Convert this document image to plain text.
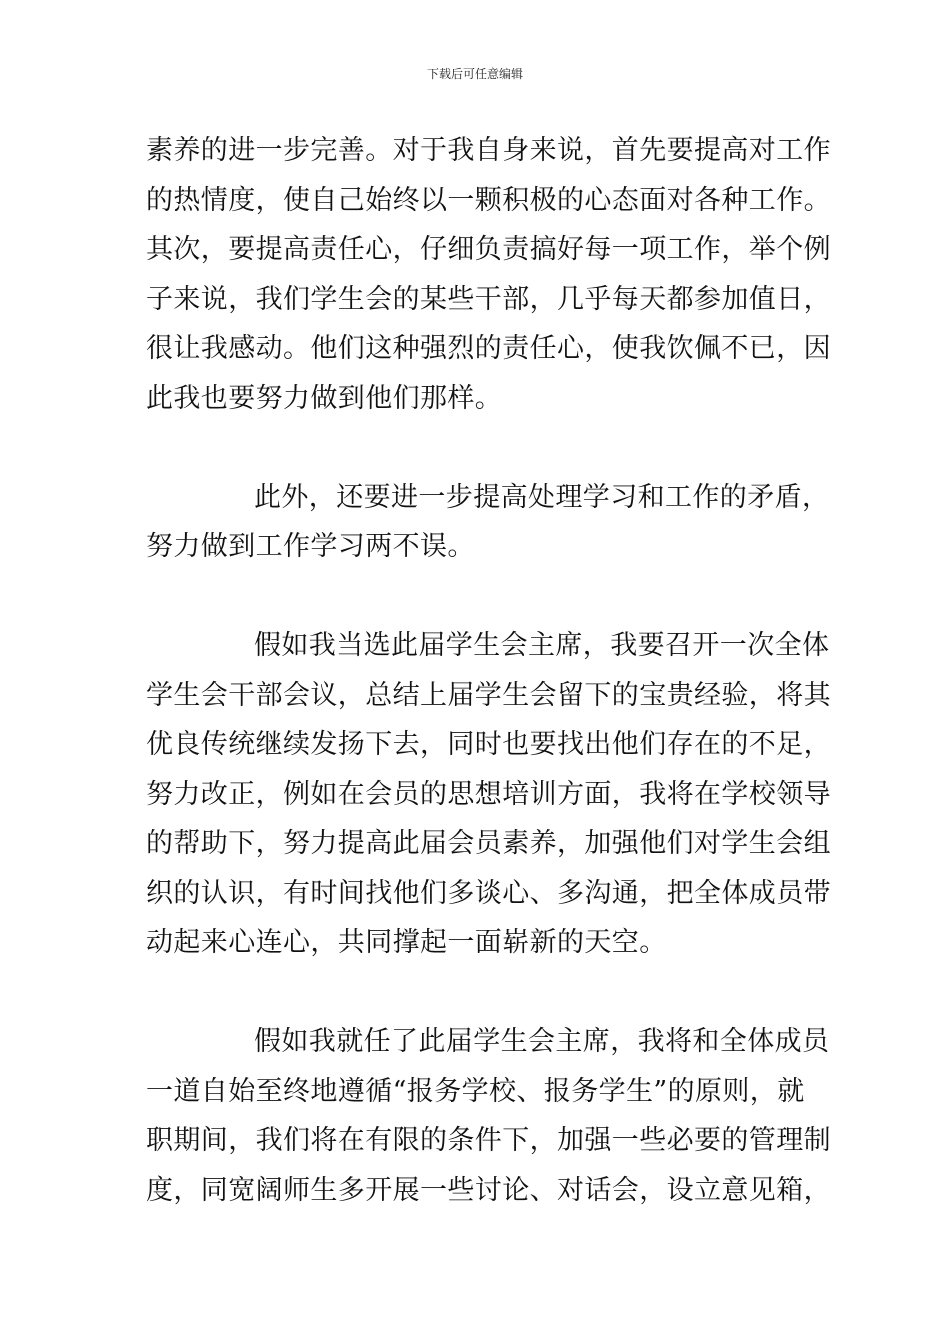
下载后可任意编辑
素养的进一步完善。对于我自身来说，首先要提高对工作
的热情度，使自己始终以一颗积极的心态面对各种工作。
其次，要提高责任心，仔细负责搞好每一项工作，举个例
子来说，我们学生会的某些干部，几乎每天都参加值日，
很让我感动。他们这种强烈的责任心，使我饮佩不已，因
此我也要努力做到他们那样。
此外，还要进一步提高处理学习和工作的矛盾，
努力做到工作学习两不误。
假如我当选此届学生会主席，我要召开一次全体
学生会干部会议，总结上届学生会留下的宝贵经验，将其
优良传统继续发扬下去，同时也要找出他们存在的不足，
努力改正，例如在会员的思想培训方面，我将在学校领导
的帮助下，努力提高此届会员素养，加强他们对学生会组
织的认识，有时间找他们多谈心、多沟通，把全体成员带
动起来心连心，共同撑起一面崭新的天空。
假如我就任了此届学生会主席，我将和全体成员
一道自始至终地遵循“报务学校、报务学生”的原则，就
职期间，我们将在有限的条件下，加强一些必要的管理制
度，同宽阔师生多开展一些讨论、对话会，设立意见箱，
